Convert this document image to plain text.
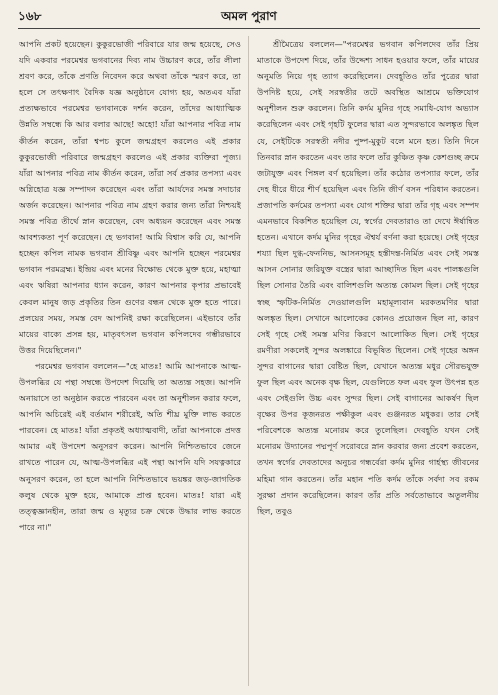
১৬৮	অমল পুরাণ

আপনি প্রকট হয়েছেন। কুকুরভোজী পরিবারে যার জন্ম হয়েছে, সেও যদি একবার পরমেশ্বর ভগবানের দিব্য নাম উচ্চারণ করে, তাঁর লীলা শ্রবণ করে, তাঁকে প্রণতি নিবেদন করে অথবা তাঁকে স্মরণ করে, তা হলে সে তৎক্ষণাৎ বৈদিক যজ্ঞ অনুষ্ঠানে যোগ্য হয়, অতএব যাঁরা প্রত্যক্ষভাবে পরমেশ্বর ভগবানকে দর্শন করেন, তাঁদের আধ্যাত্মিক উন্নতি সম্বন্ধে কি আর বলার আছে! অহো! যাঁরা আপনার পবিত্র নাম কীর্তন করেন, তাঁরা শ্বপচ কুলে জন্মগ্রহণ করলেও এই প্রকার কুকুরভোজী পরিবারে জন্মগ্রহণ করলেও এই প্রকার ব্যক্তিরা পূজ্য। যাঁরা আপনার পবিত্র নাম কীর্তন করেন, তাঁরা সর্ব প্রকার তপস্যা এবং অগ্নিহোত্র যজ্ঞ সম্পাদন করেছেন এবং তাঁরা আর্যদের সমস্ত সদাচার অর্জন করেছেন। আপনার পবিত্র নাম গ্রহণ করার জন্য তাঁরা নিশ্চয়ই সমস্ত পবিত্র তীর্থে স্নান করেছেন, বেদ অধ্যয়ন করেছেন এবং সমস্ত আবশ্যকতা পূর্ণ করেছেন। হে ভগবান! আমি বিশ্বাস করি যে, আপনি হচ্ছেন কপিল নামক ভগবান শ্রীবিষ্ণু এবং আপনি হচ্ছেন পরমেশ্বর ভগবান পরমব্রহ্ম। ইন্দ্রিয় এবং মনের বিক্ষোভ থেকে মুক্ত হয়ে, মহাত্মা এবং ঋষিরা আপনার ধ্যান করেন, কারণ আপনার কৃপার প্রভাবেই কেবল মানুষ জড় প্রকৃতির তিন গুণের বন্ধন থেকে মুক্ত হতে পারে। প্রলয়ের সময়, সমস্ত বেদ আপনিই রক্ষা করেছিলেন। এইভাবে তাঁর মায়ের বাক্যে প্রসন্ন হয়, মাতৃবৎসল ভগবান কপিলদেব গম্ভীরভাবে উত্তর দিয়েছিলেন।"

পরমেশ্বর ভগবান বললেন—"হে মাতঃ! আমি আপনাকে আত্ম-উপলব্ধির যে পন্থা সম্বন্ধে উপদেশ দিয়েছি তা অত্যন্ত সহজ। আপনি অনায়াসে তা অনুষ্ঠান করতে পারবেন এবং তা অনুশীলন করার ফলে, আপনি অচিরেই এই বর্তমান শরীরেই, অতি শীঘ্র মুক্তি লাভ করতে পারবেন। হে মাতঃ! যাঁরা প্রকৃতই অধ্যাত্মবাদী, তাঁরা আপনাকে প্রদত্ত আমার এই উপদেশ অনুসরণ করেন। আপনি নিশ্চিতভাবে জেনে রাখতে পারেন যে, আত্ম-উপলব্ধির এই পন্থা আপনি যদি সযত্নকারে অনুসরণ করেন, তা হলে আপনি নিশ্চিতভাবে ভয়ঙ্কর জড়-জাগতিক কলুষ থেকে মুক্ত হয়ে, আমাকে প্রাপ্ত হবেন। মাতঃ! যারা এই তত্ত্বজ্ঞানহীন, তারা জন্ম ও মৃত্যুর চক্র থেকে উদ্ধার লাভ করতে পারে না।"

শ্রীমৈত্রেয় বললেন—"পরমেশ্বর ভগবান কপিলদেব তাঁর প্রিয় মাতাকে উপদেশ দিয়ে, তাঁর উদ্দেশ্য সাধন হওয়ার ফলে, তাঁর মায়ের অনুমতি নিয়ে গৃহ ত্যাগ করেছিলেন। দেবহূতিও তাঁর পুত্রের দ্বারা উপদিষ্ট হয়ে, সেই সরস্বতীর তটে অবস্থিত আশ্রমে ভক্তিযোগ অনুশীলন শুরু করলেন। তিনি কর্দম মুনির গৃহে সমাধি-যোগ অভ্যাস করেছিলেন এবং সেই গৃহটি ফুলের দ্বারা এত সুন্দরভাবে অলঙ্কৃত ছিল যে, সেইটিকে সরস্বতী নদীর পুষ্প-মুকুট বলে মনে হত। তিনি দিনে তিনবার স্নান করতেন এবং তার ফলে তাঁর কুঞ্চিত কৃষ্ণ কেশগুচ্ছ ক্রমে জটাযুক্ত এবং পিঙ্গল বর্ণ হয়েছিল। তাঁর কঠোর তপস্যার ফলে, তাঁর দেহ ধীরে ধীরে শীর্ণ হয়েছিল এবং তিনি জীর্ণ বসন পরিধান করতেন। প্রজাপতি কর্দমের তপস্যা এবং যোগ শক্তির দ্বারা তাঁর গৃহ এবং সম্পদ এমনভাবে বিকশিত হয়েছিল যে, স্বর্গের দেবতারাও তা দেখে ঈর্ষান্বিত হতেন। এখানে কর্দম মুনির গৃহের ঐশ্বর্য বর্ণনা করা হয়েছে। সেই গৃহের শয্যা ছিল দুগ্ধ-ফেননিভ, আসনসমূহ হস্তীদন্ত-নির্মিত এবং সেই সমস্ত আসন সোনার জরিযুক্ত বস্ত্রের দ্বারা আচ্ছাদিত ছিল এবং পালঙ্কগুলি ছিল সোনার তৈরি এবং বালিশগুলি অত্যন্ত কোমল ছিল। সেই গৃহের স্বচ্ছ স্ফটিক-নির্মিত দেওয়ালগুলি মহামূল্যবান মরকতমণির দ্বারা অলঙ্কৃত ছিল। সেখানে আলোকের কোনও প্রয়োজন ছিল না, কারণ সেই গৃহে সেই সমস্ত মণির কিরণে আলোকিত ছিল। সেই গৃহের রমণীরা সকলেই সুন্দর অলঙ্কারে বিভূষিত ছিলেন। সেই গৃহের অঙ্গন সুন্দর বাগানের দ্বারা বেষ্টিত ছিল, যেখানে অত্যন্ত মধুর সৌরভযুক্ত ফুল ছিল এবং অনেক বৃক্ষ ছিল, যেগুলিতে ফল এবং ফুল উৎপন্ন হত এবং সেইগুলি উচ্চ এবং সুন্দর ছিল। সেই বাগানের আকর্ষণ ছিল বৃক্ষের উপর কূজনরত পক্ষীকুল এবং গুঞ্জনরত মধুকর। তার সেই পরিবেশকে অত্যন্ত মনোরম করে তুলেছিল। দেবহূতি যখন সেই মনোরম উদ্যানের পদ্মপূর্ণ সরোবরে স্নান করবার জন্য প্রবেশ করতেন, তখন স্বর্গের দেবতাদের অনুচর গন্ধর্বেরা কর্দম মুনির গার্হস্থ্য জীবনের মহিমা গান করতেন। তাঁর মহান পতি কর্দম তাঁকে সর্বদা সব রকম সুরক্ষা প্রদান করেছিলেন। কারণ তাঁর প্রতি সর্বতোভাবে অতুলনীয় ছিল, তবুও
